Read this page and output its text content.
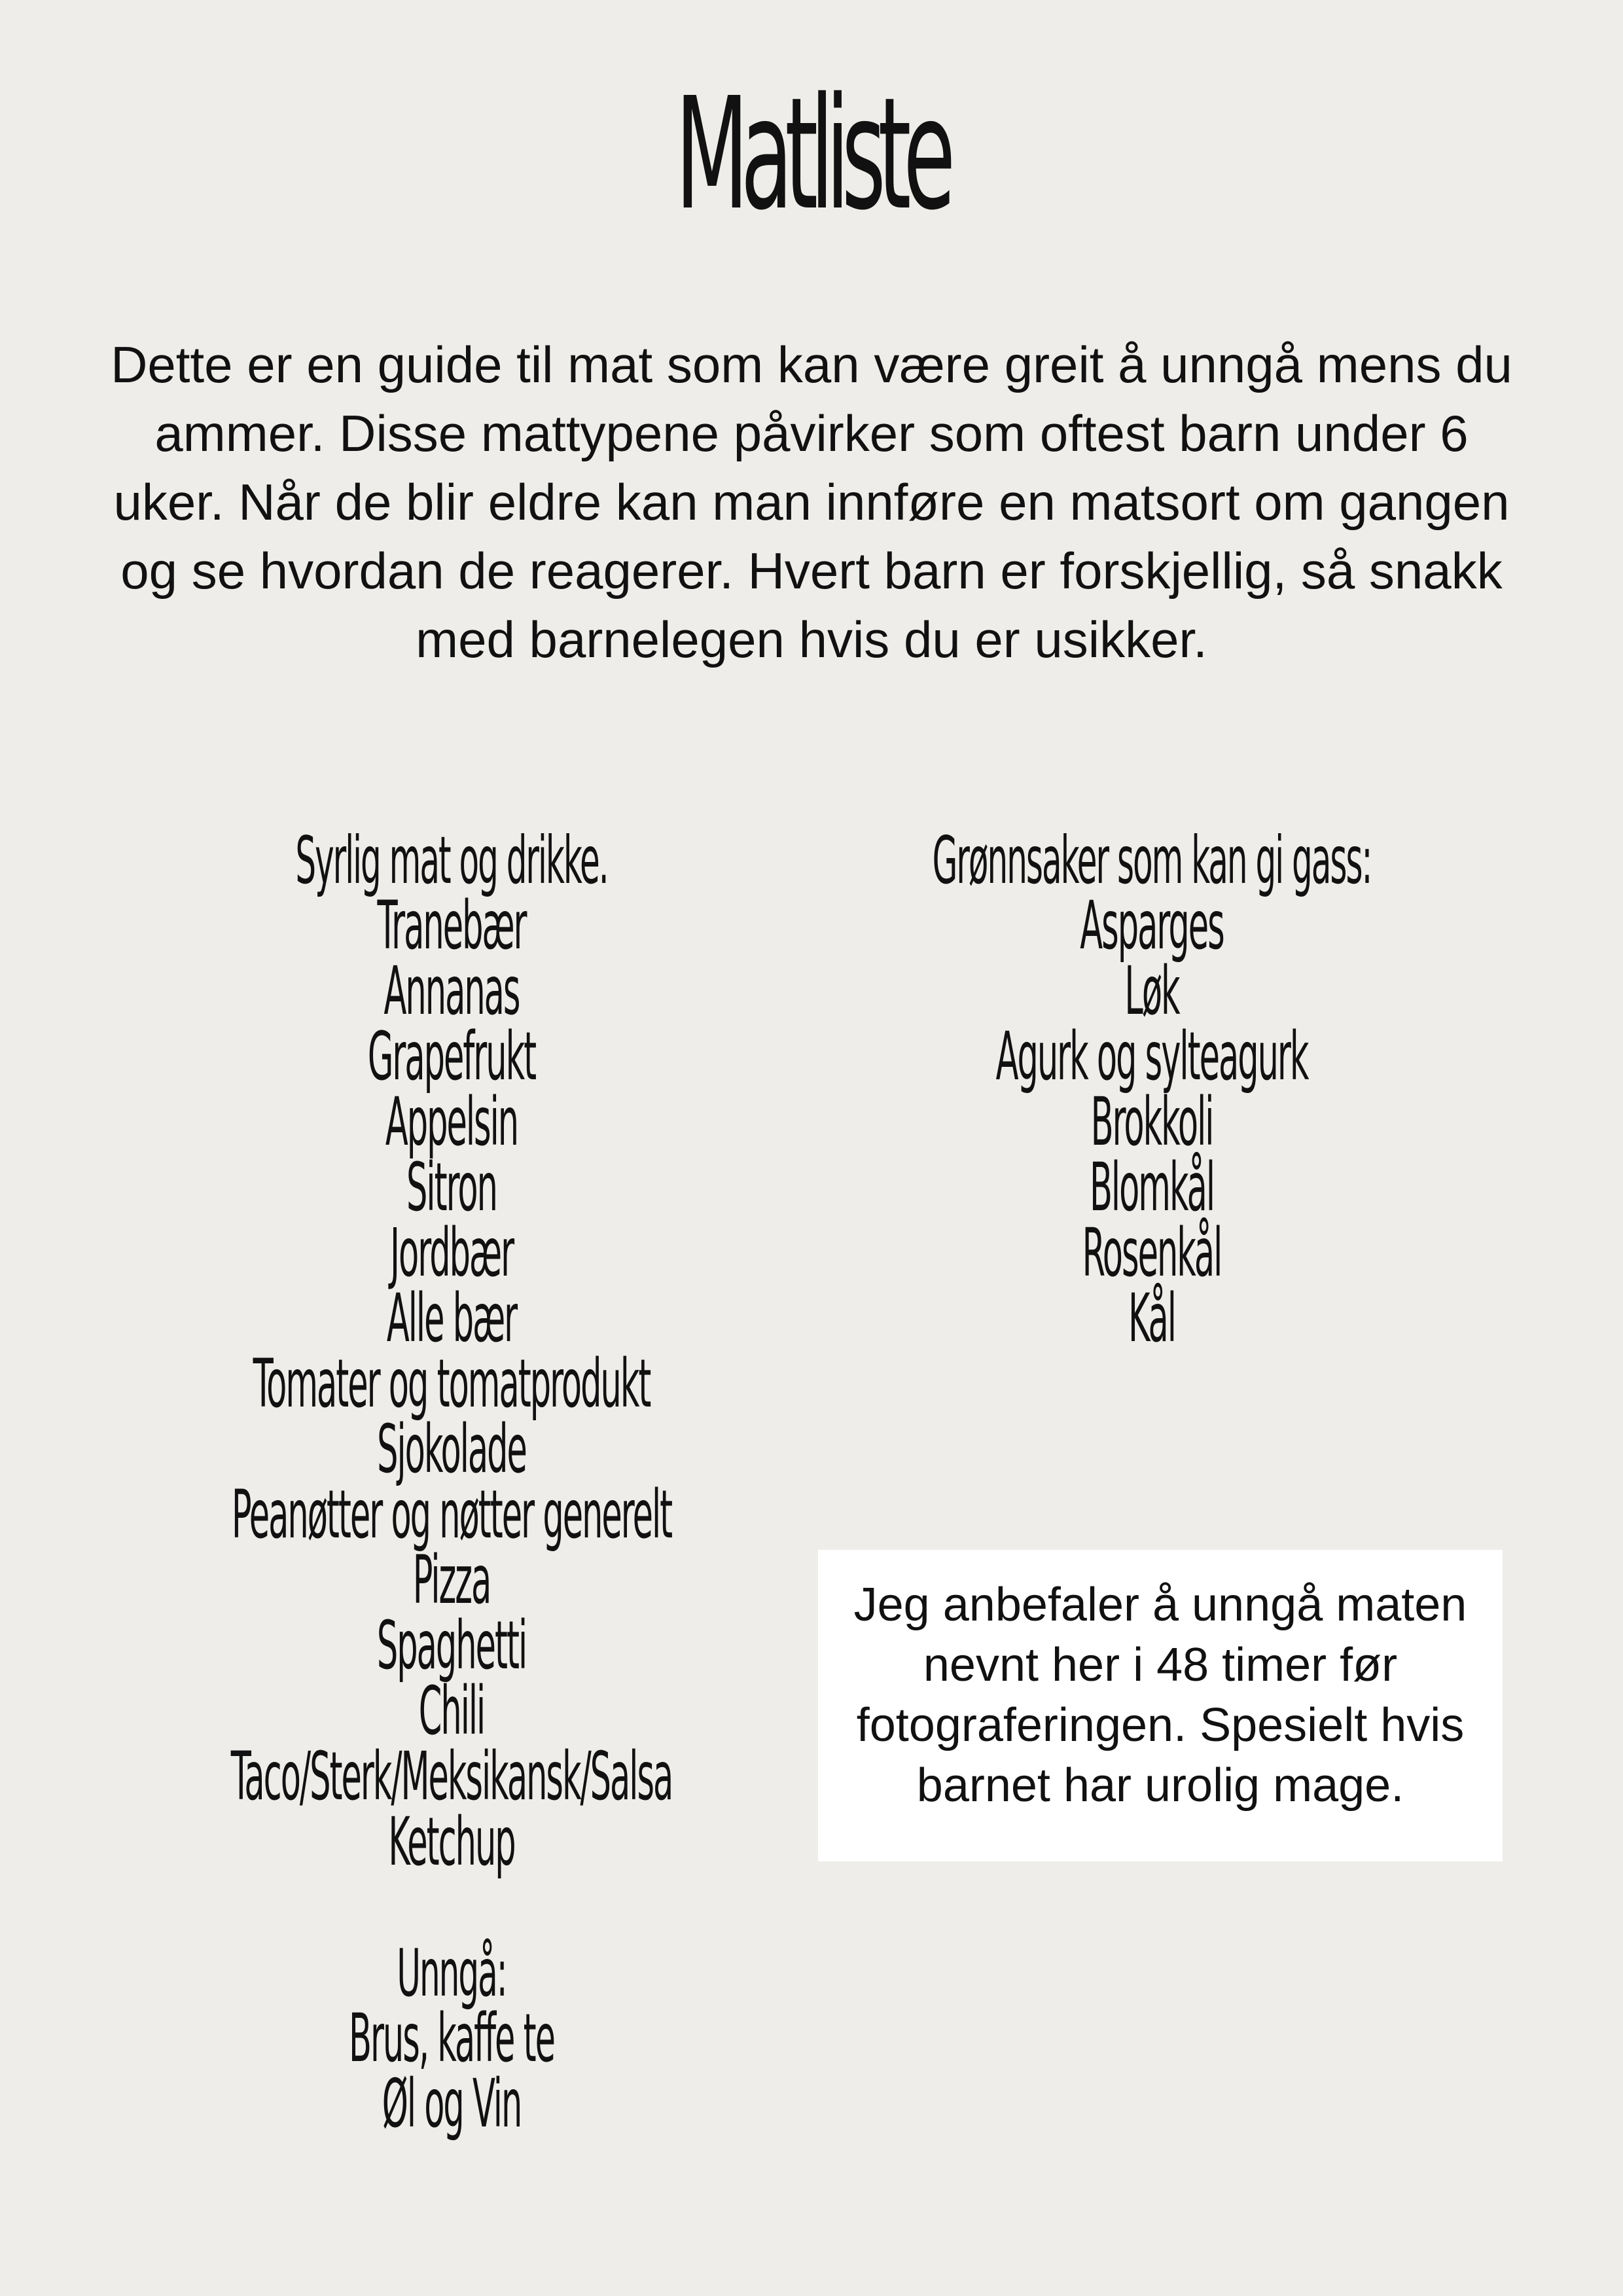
Matliste

Dette er en guide til mat som kan være greit å unngå mens du ammer. Disse mattypene påvirker som oftest barn under 6 uker. Når de blir eldre kan man innføre en matsort om gangen og se hvordan de reagerer. Hvert barn er forskjellig, så snakk med barnelegen hvis du er usikker.

Syrlig mat og drikke.
Tranebær
Annanas
Grapefrukt
Appelsin
Sitron
Jordbær
Alle bær
Tomater og tomatprodukt
Sjokolade
Peanøtter og nøtter generelt
Pizza
Spaghetti
Chili
Taco/Sterk/Meksikansk/Salsa
Ketchup
Unngå:
Brus, kaffe te
Øl og Vin
Grønnsaker som kan gi gass:
Asparges
Løk
Agurk og sylteagurk
Brokkoli
Blomkål
Rosenkål
Kål
Jeg anbefaler å unngå maten nevnt her i 48 timer før fotograferingen. Spesielt hvis barnet har urolig mage.
